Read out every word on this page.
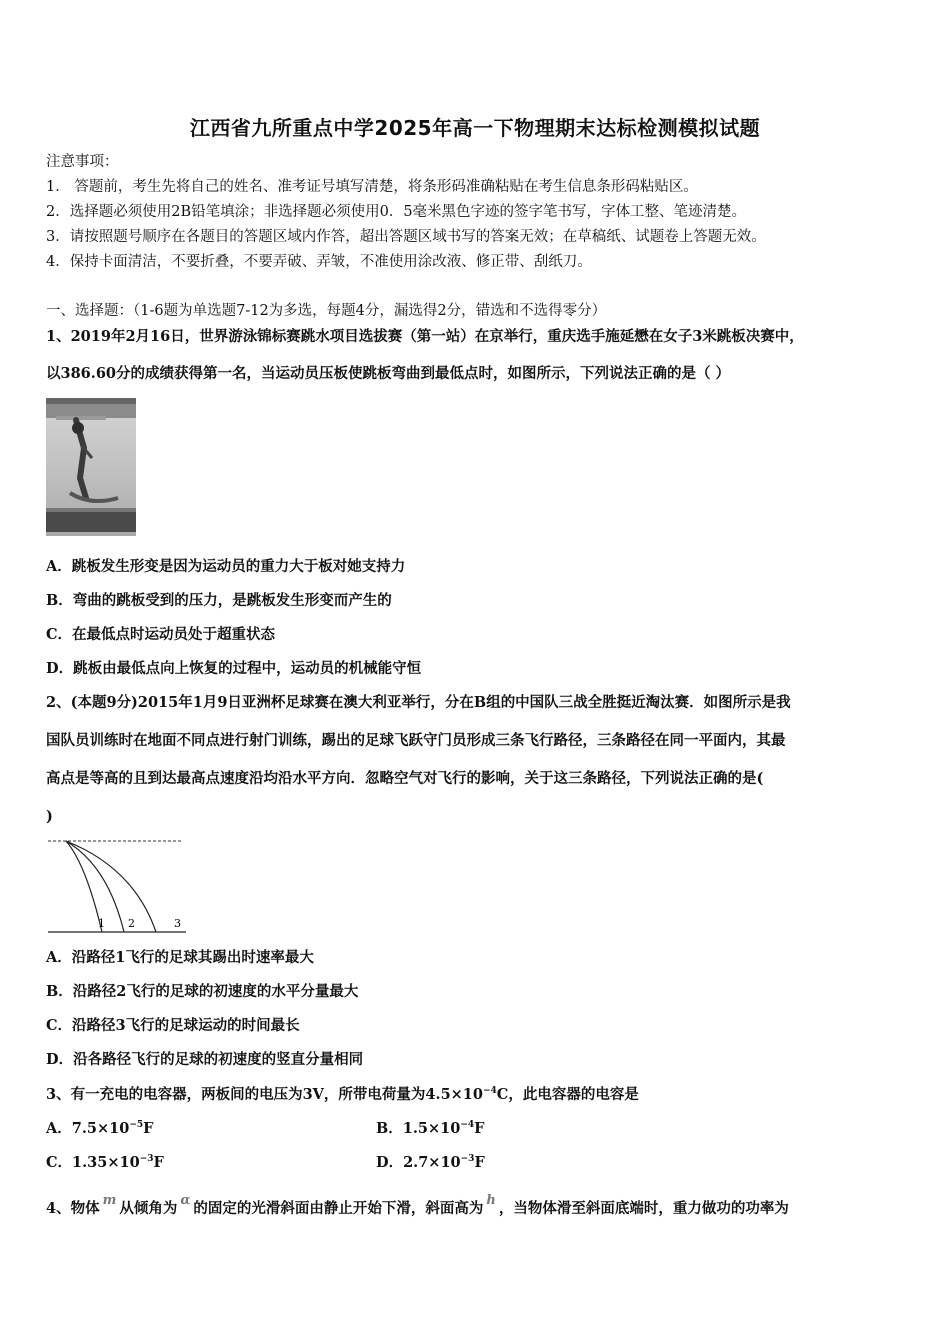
江西省九所重点中学2025年高一下物理期末达标检测模拟试题
注意事项：
1． 答题前，考生先将自己的姓名、准考证号填写清楚，将条形码准确粘贴在考生信息条形码粘贴区。
2．选择题必须使用2B铅笔填涂；非选择题必须使用0．5毫米黑色字迹的签字笔书写，字体工整、笔迹清楚。
3．请按照题号顺序在各题目的答题区域内作答，超出答题区域书写的答案无效；在草稿纸、试题卷上答题无效。
4．保持卡面清洁，不要折叠，不要弄破、弄皱，不准使用涂改液、修正带、刮纸刀。
一、选择题：（1-6题为单选题7-12为多选，每题4分，漏选得2分，错选和不选得零分）
1、2019年2月16日，世界游泳锦标赛跳水项目选拔赛（第一站）在京举行，重庆选手施延懋在女子3米跳板决赛中，
以386.60分的成绩获得第一名，当运动员压板使跳板弯曲到最低点时，如图所示，下列说法正确的是（ ）
A．跳板发生形变是因为运动员的重力大于板对她支持力
B．弯曲的跳板受到的压力，是跳板发生形变而产生的
C．在最低点时运动员处于超重状态
D．跳板由最低点向上恢复的过程中，运动员的机械能守恒
2、(本题9分)2015年1月9日亚洲杯足球赛在澳大利亚举行，分在B组的中国队三战全胜挺近淘汰赛．如图所示是我
国队员训练时在地面不同点进行射门训练，踢出的足球飞跃守门员形成三条飞行路径，三条路径在同一平面内，其最
高点是等高的且到达最高点速度沿均沿水平方向．忽略空气对飞行的影响，关于这三条路径，下列说法正确的是(
)
1 2	3
A．沿路径1飞行的足球其踢出时速率最大
B．沿路径2飞行的足球的初速度的水平分量最大
C．沿路径3飞行的足球运动的时间最长
D．沿各路径飞行的足球的初速度的竖直分量相同
3、有一充电的电容器，两板间的电压为3V，所带电荷量为$4.5\times 10^{-4}C$，此电容器的电容是
A．$7.5\times 10^{-5}F$	B．$1.5\times 10^{-4}F$
C．$1.35\times 10^{-3}F$	D．$2.7\times 10^{-3}F$
4、物体 m 从倾角为 α 的固定的光滑斜面由静止开始下滑，斜面高为 h ，当物体滑至斜面底端时，重力做功的功率为
